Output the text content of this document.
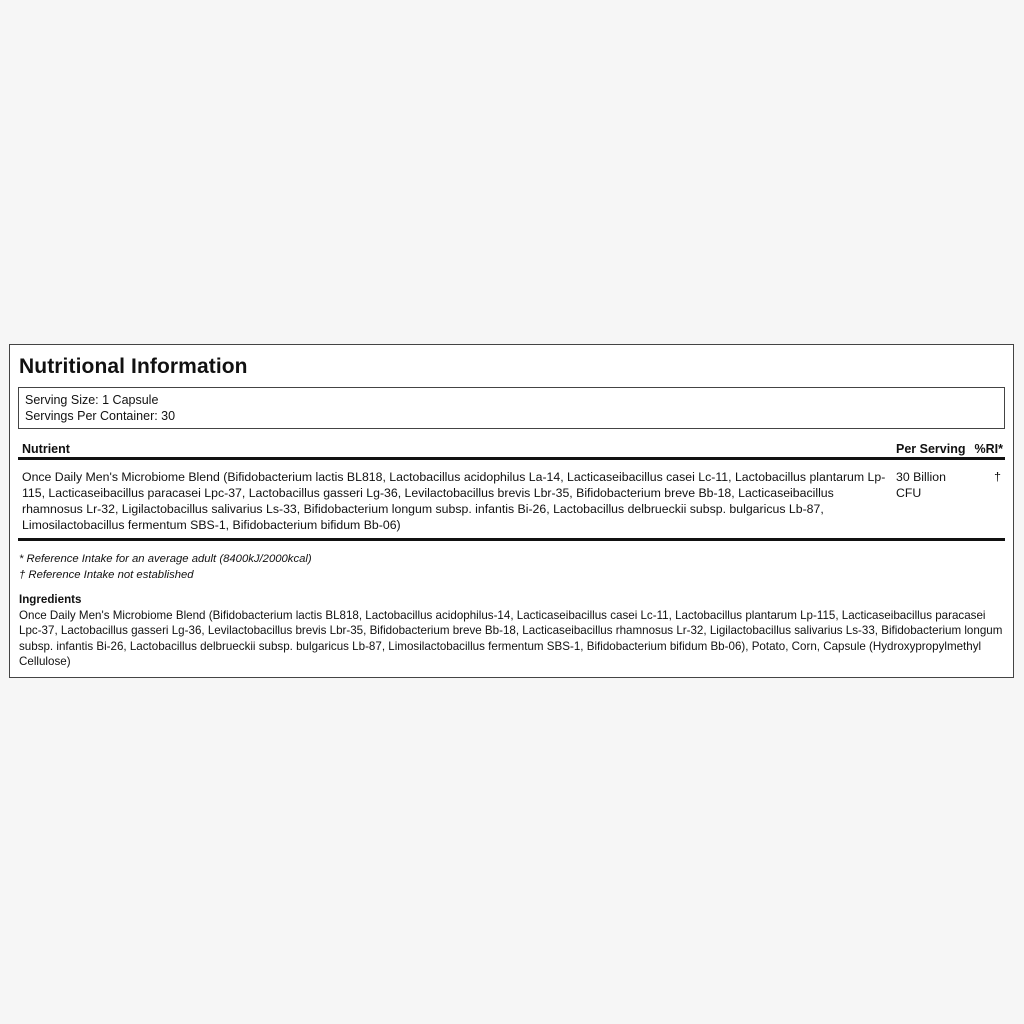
Nutritional Information
Serving Size: 1 Capsule
Servings Per Container: 30
Nutrient	Per Serving %RI*
Once Daily Men's Microbiome Blend (Bifidobacterium lactis BL818, Lactobacillus acidophilus La-14, Lacticaseibacillus casei Lc-11, Lactobacillus plantarum Lp-115, Lacticaseibacillus paracasei Lpc-37, Lactobacillus gasseri Lg-36, Levilactobacillus brevis Lbr-35, Bifidobacterium breve Bb-18, Lacticaseibacillus rhamnosus Lr-32, Ligilactobacillus salivarius Ls-33, Bifidobacterium longum subsp. infantis Bi-26, Lactobacillus delbrueckii subsp. bulgaricus Lb-87, Limosilactobacillus fermentum SBS-1, Bifidobacterium bifidum Bb-06)
30 Billion CFU
†
* Reference Intake for an average adult (8400kJ/2000kcal)
† Reference Intake not established
Ingredients
Once Daily Men's Microbiome Blend (Bifidobacterium lactis BL818, Lactobacillus acidophilus-14, Lacticaseibacillus casei Lc-11, Lactobacillus plantarum Lp-115, Lacticaseibacillus paracasei Lpc-37, Lactobacillus gasseri Lg-36, Levilactobacillus brevis Lbr-35, Bifidobacterium breve Bb-18, Lacticaseibacillus rhamnosus Lr-32, Ligilactobacillus salivarius Ls-33, Bifidobacterium longum subsp. infantis Bi-26, Lactobacillus delbrueckii subsp. bulgaricus Lb-87, Limosilactobacillus fermentum SBS-1, Bifidobacterium bifidum Bb-06), Potato, Corn, Capsule (Hydroxypropylmethyl Cellulose)
